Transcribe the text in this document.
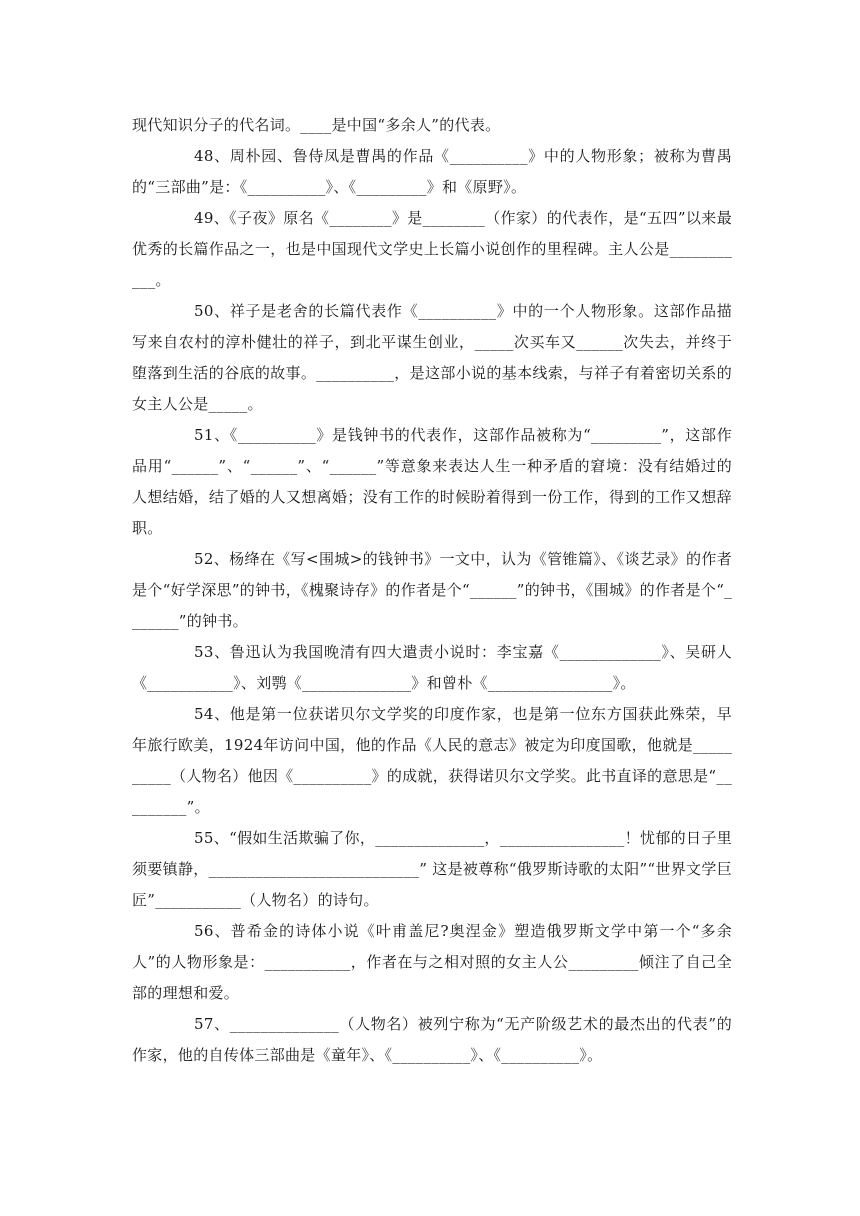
现代知识分子的代名词。____是中国“多余人”的代表。

48、周朴园、鲁侍凤是曹禺的作品《__________》中的人物形象；被称为曹禺的“三部曲”是：《__________》、《_________》和《原野》。

49、《子夜》原名《________》是________（作家）的代表作，是“五四”以来最优秀的长篇作品之一，也是中国现代文学史上长篇小说创作的里程碑。主人公是___________。

50、祥子是老舍的长篇代表作《__________》中的一个人物形象。这部作品描写来自农村的淳朴健壮的祥子，到北平谋生创业，_____次买车又______次失去，并终于堕落到生活的谷底的故事。__________，是这部小说的基本线索，与祥子有着密切关系的女主人公是_____。

51、《__________》是钱钟书的代表作，这部作品被称为“_________”，这部作品用“______”、“______”、“______”等意象来表达人生一种矛盾的窘境：没有结婚过的人想结婚，结了婚的人又想离婚；没有工作的时候盼着得到一份工作，得到的工作又想辞职。

52、杨绛在《写<围城>的钱钟书》一文中，认为《管锥篇》、《谈艺录》的作者是个“好学深思”的钟书，《槐聚诗存》的作者是个“______”的钟书，《围城》的作者是个“_______”的钟书。

53、鲁迅认为我国晚清有四大遣责小说时：李宝嘉《_____________》、吴研人《___________》、刘鹗《______________》和曾朴《________________》。

54、他是第一位获诺贝尔文学奖的印度作家，也是第一位东方国获此殊荣，早年旅行欧美，1924年访问中国，他的作品《人民的意志》被定为印度国歌，他就是__________（人物名）他因《__________》的成就，获得诺贝尔文学奖。此书直译的意思是“_________”。

55、“假如生活欺骗了你，______________，________________！忧郁的日子里须要镇静，___________________________” 这是被尊称“俄罗斯诗歌的太阳”“世界文学巨匠”___________（人物名）的诗句。

56、普希金的诗体小说《叶甫盖尼?奥涅金》塑造俄罗斯文学中第一个“多余人”的人物形象是：___________，作者在与之相对照的女主人公_________倾注了自己全部的理想和爱。

57、______________（人物名）被列宁称为“无产阶级艺术的最杰出的代表”的作家，他的自传体三部曲是《童年》、《__________》、《__________》。
